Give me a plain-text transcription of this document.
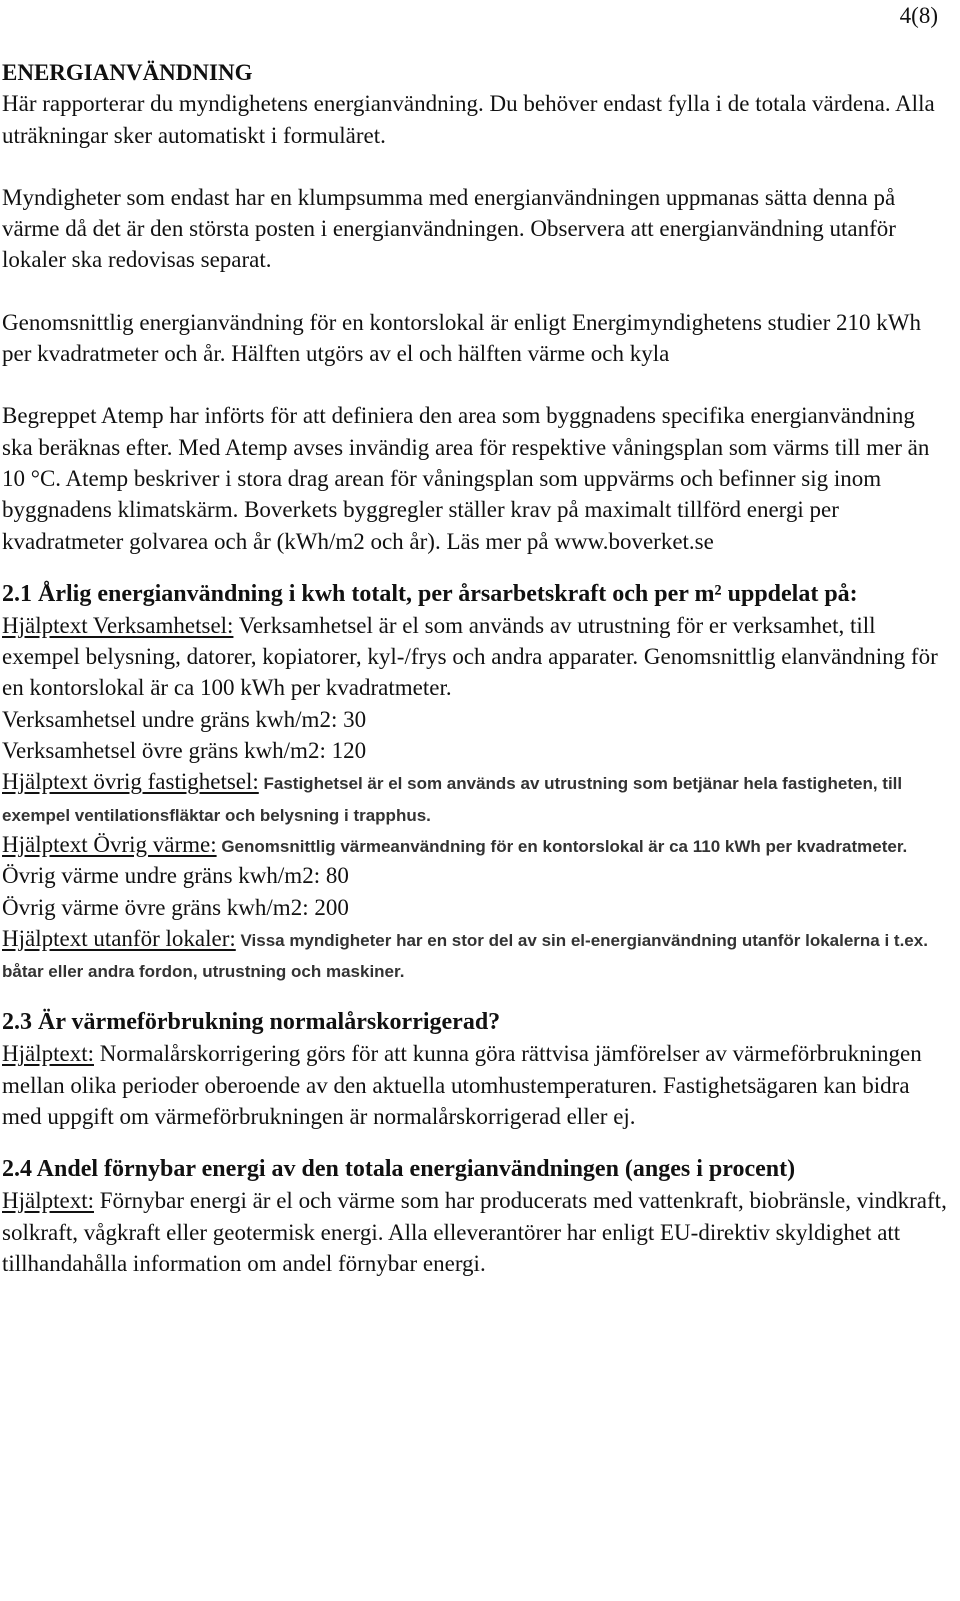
4(8)

ENERGIANVÄNDNING

Här rapporterar du myndighetens energianvändning. Du behöver endast fylla i de totala värdena. Alla uträkningar sker automatiskt i formuläret.

Myndigheter som endast har en klumpsumma med energianvändningen uppmanas sätta denna på värme då det är den största posten i energianvändningen. Observera att energianvändning utanför lokaler ska redovisas separat.

Genomsnittlig energianvändning för en kontorslokal är enligt Energimyndighetens studier 210 kWh per kvadratmeter och år. Hälften utgörs av el och hälften värme och kyla

Begreppet Atemp har införts för att definiera den area som byggnadens specifika energianvändning ska beräknas efter. Med Atemp avses invändig area för respektive våningsplan som värms till mer än 10 °C. Atemp beskriver i stora drag arean för våningsplan som uppvärms och befinner sig inom byggnadens klimatskärm. Boverkets byggregler ställer krav på maximalt tillförd energi per kvadratmeter golvarea och år (kWh/m2 och år). Läs mer på www.boverket.se

2.1 Årlig energianvändning i kwh totalt, per årsarbetskraft och per m² uppdelat på:

Hjälptext Verksamhetsel: Verksamhetsel är el som används av utrustning för er verksamhet, till exempel belysning, datorer, kopiatorer, kyl-/frys och andra apparater. Genomsnittlig elanvändning för en kontorslokal är ca 100 kWh per kvadratmeter.

Verksamhetsel undre gräns kwh/m2: 30

Verksamhetsel övre gräns kwh/m2: 120

Hjälptext övrig fastighetsel: Fastighetsel är el som används av utrustning som betjänar hela fastigheten, till exempel ventilationsfläktar och belysning i trapphus.

Hjälptext Övrig värme: Genomsnittlig värmeanvändning för en kontorslokal är ca 110 kWh per kvadratmeter.

Övrig värme undre gräns kwh/m2: 80

Övrig värme övre gräns kwh/m2: 200

Hjälptext utanför lokaler: Vissa myndigheter har en stor del av sin el-energianvändning utanför lokalerna i t.ex. båtar eller andra fordon, utrustning och maskiner.

2.3 Är värmeförbrukning normalårskorrigerad?

Hjälptext: Normalårskorrigering görs för att kunna göra rättvisa jämförelser av värmeförbrukningen mellan olika perioder oberoende av den aktuella utomhustemperaturen. Fastighetsägaren kan bidra med uppgift om värmeförbrukningen är normalårskorrigerad eller ej.

2.4 Andel förnybar energi av den totala energianvändningen (anges i procent)

Hjälptext: Förnybar energi är el och värme som har producerats med vattenkraft, biobränsle, vindkraft, solkraft, vågkraft eller geotermisk energi. Alla elleverantörer har enligt EU-direktiv skyldighet att tillhandahålla information om andel förnybar energi.
